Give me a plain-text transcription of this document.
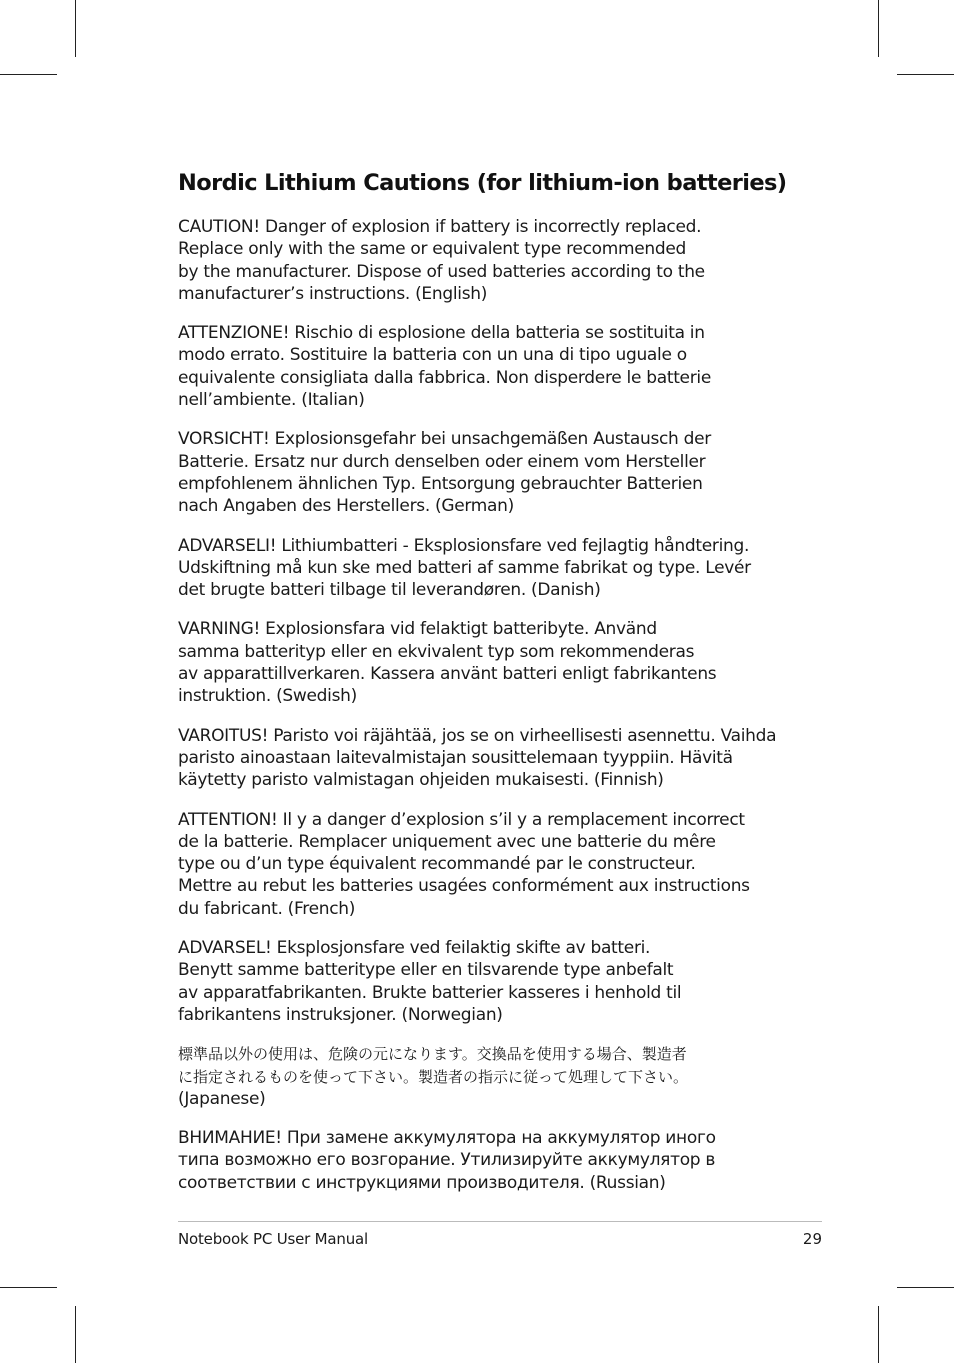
Nordic Lithium Cautions (for lithium-ion batteries)

CAUTION! Danger of explosion if battery is incorrectly replaced.
Replace only with the same or equivalent type recommended
by the manufacturer. Dispose of used batteries according to the
manufacturer’s instructions. (English)

ATTENZIONE! Rischio di esplosione della batteria se sostituita in
modo errato. Sostituire la batteria con un una di tipo uguale o
equivalente consigliata dalla fabbrica. Non disperdere le batterie
nell’ambiente. (Italian)

VORSICHT! Explosionsgefahr bei unsachgemäßen Austausch der
Batterie. Ersatz nur durch denselben oder einem vom Hersteller
empfohlenem ähnlichen Typ. Entsorgung gebrauchter Batterien
nach Angaben des Herstellers. (German)

ADVARSELI! Lithiumbatteri - Eksplosionsfare ved fejlagtig håndtering.
Udskiftning må kun ske med batteri af samme fabrikat og type. Levér
det brugte batteri tilbage til leverandøren. (Danish)

VARNING! Explosionsfara vid felaktigt batteribyte. Använd
samma batterityp eller en ekvivalent typ som rekommenderas
av apparattillverkaren. Kassera använt batteri enligt fabrikantens
instruktion. (Swedish)

VAROITUS! Paristo voi räjähtää, jos se on virheellisesti asennettu. Vaihda
paristo ainoastaan laitevalmistajan sousittelemaan tyyppiin. Hävitä
käytetty paristo valmistagan ohjeiden mukaisesti. (Finnish)

ATTENTION! Il y a danger d’explosion s’il y a remplacement incorrect
de la batterie. Remplacer uniquement avec une batterie du mêre
type ou d’un type équivalent recommandé par le constructeur.
Mettre au rebut les batteries usagées conformément aux instructions
du fabricant. (French)

ADVARSEL! Eksplosjonsfare ved feilaktig skifte av batteri.
Benytt samme batteritype eller en tilsvarende type anbefalt
av apparatfabrikanten. Brukte batterier kasseres i henhold til
fabrikantens instruksjoner. (Norwegian)

標準品以外の使用は、危険の元になります。交換品を使用する場合、製造者
に指定されるものを使って下さい。製造者の指示に従って処理して下さい。

(Japanese)

ВНИМАНИЕ! При замене аккумулятора на аккумулятор иного
типа возможно его возгорание. Утилизируйте аккумулятор в
соответствии с инструкциями производителя. (Russian)

Notebook PC User Manual	29
